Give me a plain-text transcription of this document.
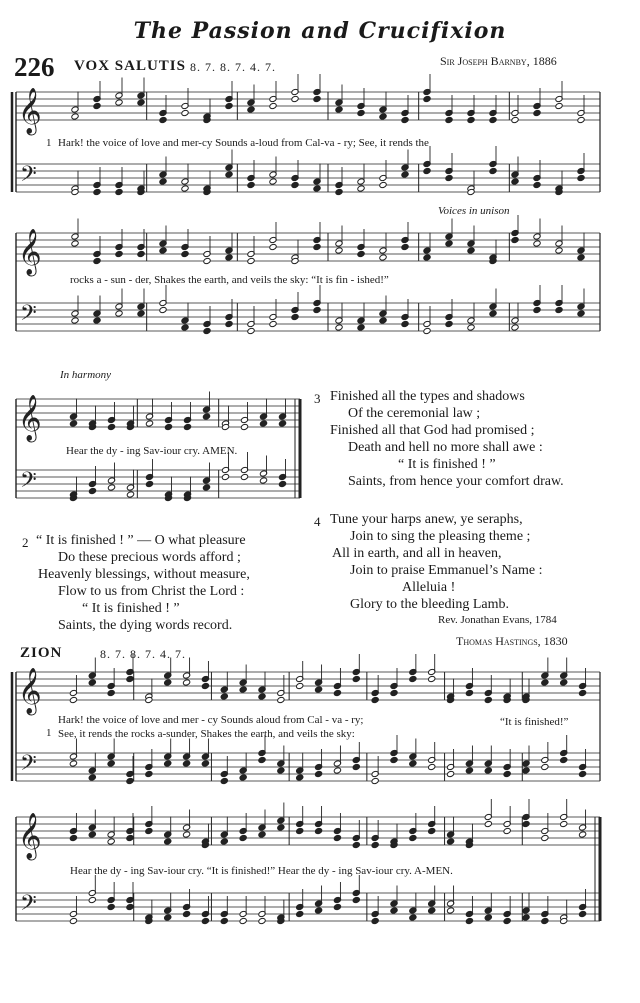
The Passion and Crucifixion
226 VOX SALUTIS 8. 7. 8. 7. 4. 7.	Sir Joseph Barnby, 1886
𝄞
𝄢
𝄞
𝄢
𝄞
𝄢
𝄞
𝄢
𝄞
𝄢
1 Hark! the voice of love and mer-cy Sounds a-loud from Cal-va - ry; See, it rends the
Voices in unison
rocks a - sun - der, Shakes the earth, and veils the sky: “It is fin - ished!”
In harmony
Hear the dy - ing Sav-iour cry. AMEN.
2 “ It is finished ! ” — O what pleasure
Do these precious words afford ;
Heavenly blessings, without measure,
Flow to us from Christ the Lord :
“ It is finished ! ”
Saints, the dying words record.
3 Finished all the types and shadows
Of the ceremonial law ;
Finished all that God had promised ;
Death and hell no more shall awe :
“ It is finished ! ”
Saints, from hence your comfort draw.
4 Tune your harps anew, ye seraphs,
Join to sing the pleasing theme ;
All in earth, and all in heaven,
Join to praise Emmanuel’s Name :
Alleluia !
Glory to the bleeding Lamb.
Rev. Jonathan Evans, 1784
ZION	8. 7. 8. 7. 4. 7.
Thomas Hastings, 1830
1
Hark! the voice of love and mer - cy Sounds aloud from Cal - va - ry;
See, it rends the rocks a-sunder, Shakes the earth, and veils the sky:
“It is finished!”
Hear the dy - ing Sav-iour cry. “It is finished!” Hear the dy - ing Sav-iour cry. A-MEN.
